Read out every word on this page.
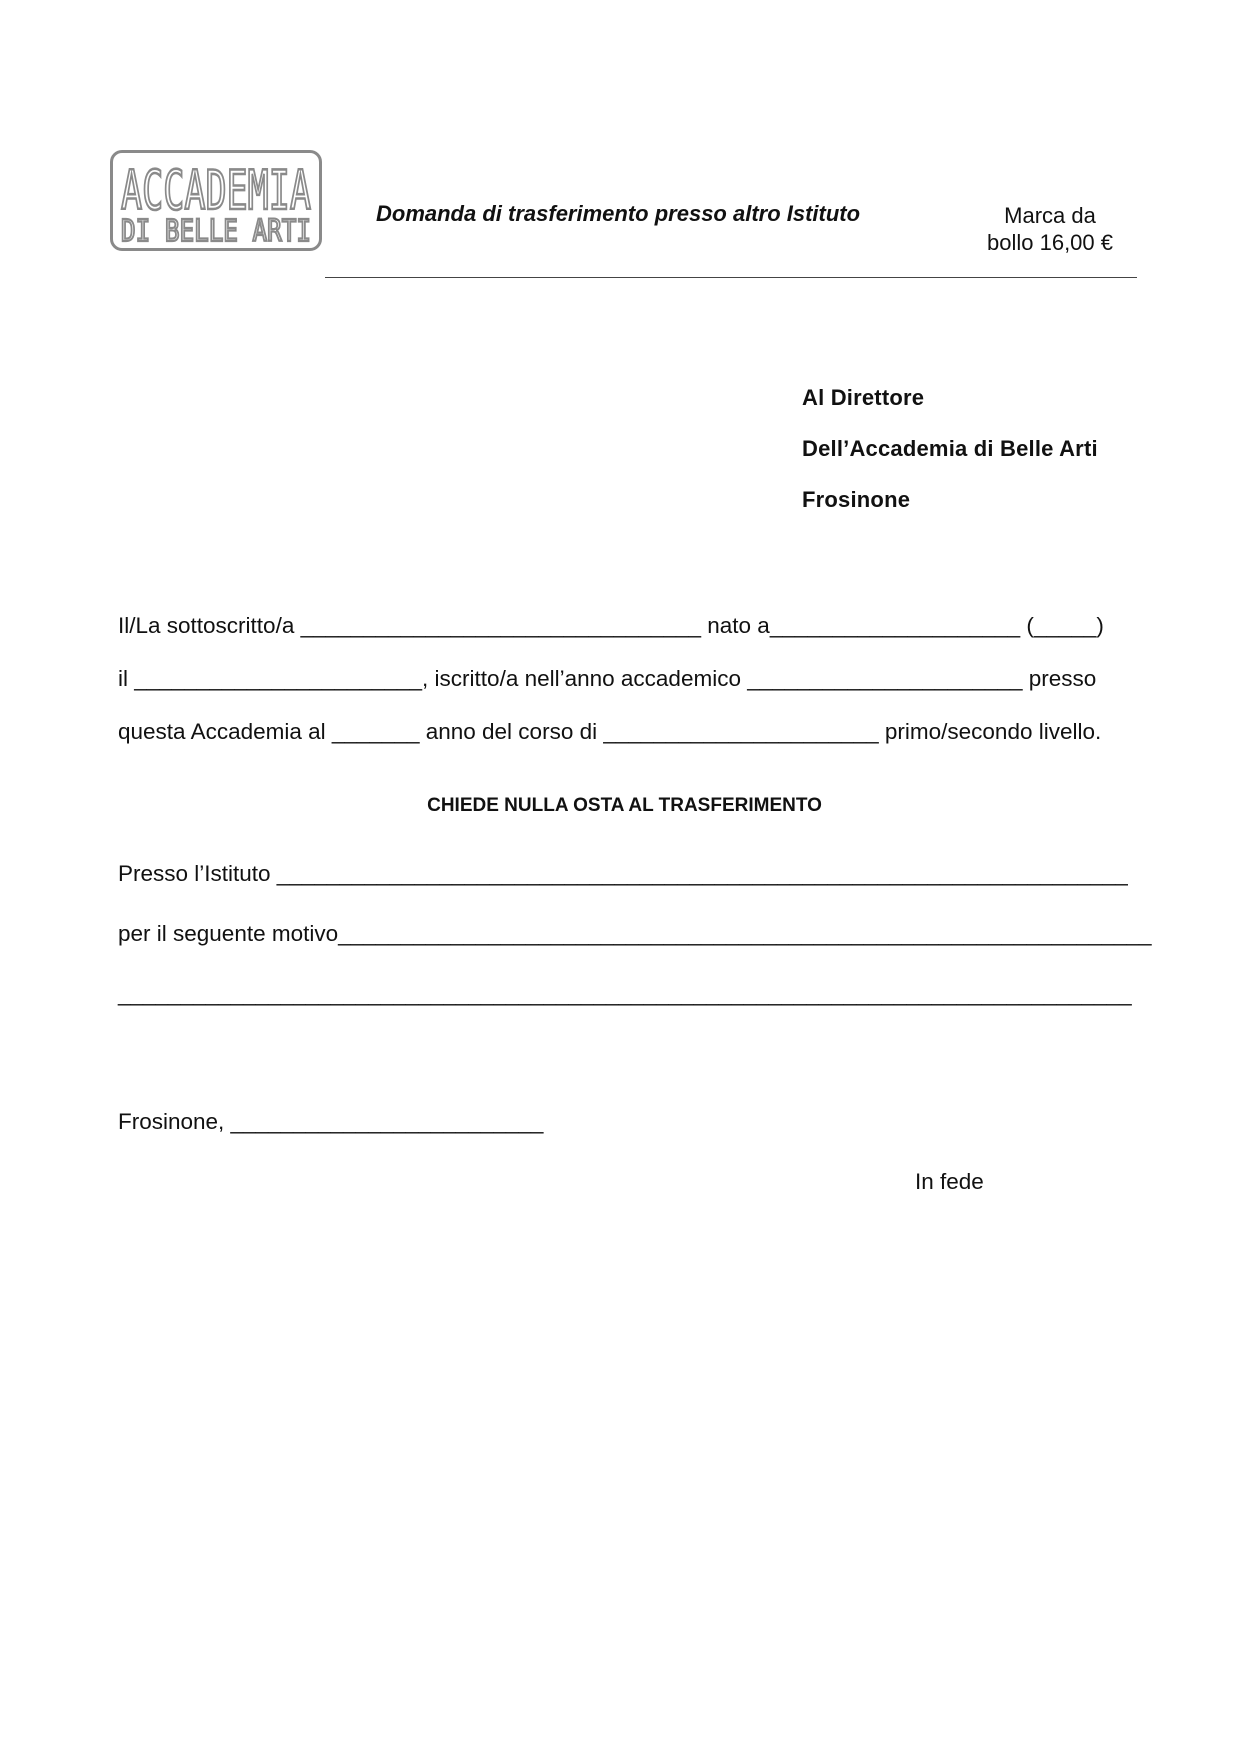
ACCADEMIA
DI BELLE ARTI
Domanda di trasferimento presso altro Istituto	Marca da
bollo 16,00 €
Al Direttore
Dell’Accademia di Belle Arti
Frosinone
Il/La sottoscritto/a ________________________________ nato a____________________ (_____)
il _______________________, iscritto/a nell’anno accademico ______________________ presso
questa Accademia al _______ anno del corso di ______________________ primo/secondo livello.
CHIEDE NULLA OSTA AL TRASFERIMENTO
Presso l’Istituto ____________________________________________________________________
per il seguente motivo_________________________________________________________________
_________________________________________________________________________________
Frosinone, _________________________
In fede
